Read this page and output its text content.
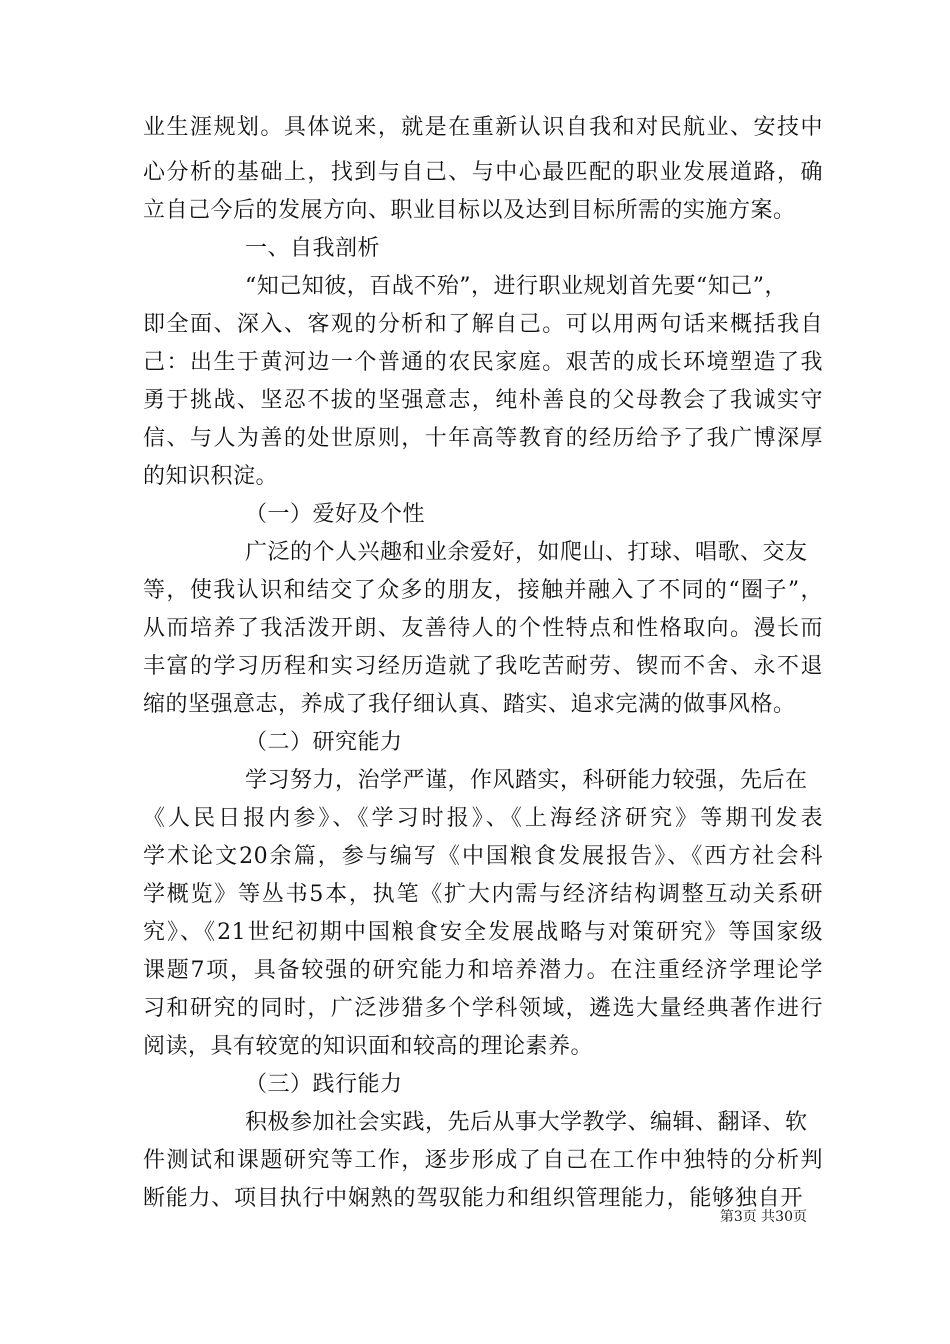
业生涯规划。具体说来，就是在重新认识自我和对民航业、安技中
心分析的基础上，找到与自己、与中心最匹配的职业发展道路，确
立自己今后的发展方向、职业目标以及达到目标所需的实施方案。
一、自我剖析
“知己知彼，百战不殆”，进行职业规划首先要“知己”，
即全面、深入、客观的分析和了解自己。可以用两句话来概括我自
己：出生于黄河边一个普通的农民家庭。艰苦的成长环境塑造了我
勇于挑战、坚忍不拔的坚强意志，纯朴善良的父母教会了我诚实守
信、与人为善的处世原则，十年高等教育的经历给予了我广博深厚
的知识积淀。
（一）爱好及个性
广泛的个人兴趣和业余爱好，如爬山、打球、唱歌、交友
等，使我认识和结交了众多的朋友，接触并融入了不同的“圈子”，
从而培养了我活泼开朗、友善待人的个性特点和性格取向。漫长而
丰富的学习历程和实习经历造就了我吃苦耐劳、锲而不舍、永不退
缩的坚强意志，养成了我仔细认真、踏实、追求完满的做事风格。
（二）研究能力
学习努力，治学严谨，作风踏实，科研能力较强，先后在
《人民日报内参》、《学习时报》、《上海经济研究》等期刊发表
学术论文20余篇，参与编写《中国粮食发展报告》、《西方社会科
学概览》等丛书5本，执笔《扩大内需与经济结构调整互动关系研
究》、《21世纪初期中国粮食安全发展战略与对策研究》等国家级
课题7项，具备较强的研究能力和培养潜力。在注重经济学理论学
习和研究的同时，广泛涉猎多个学科领域，遴选大量经典著作进行
阅读，具有较宽的知识面和较高的理论素养。
（三）践行能力
积极参加社会实践，先后从事大学教学、编辑、翻译、软
件测试和课题研究等工作，逐步形成了自己在工作中独特的分析判
断能力、项目执行中娴熟的驾驭能力和组织管理能力，能够独自开
第3页 共30页
